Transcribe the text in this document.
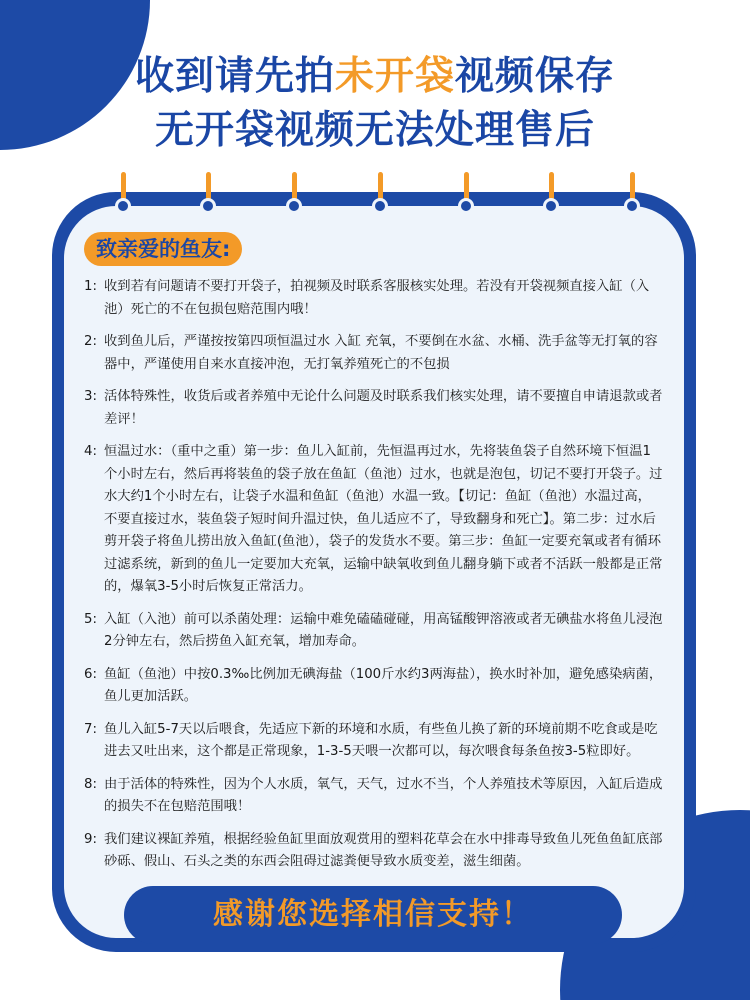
收到请先拍未开袋视频保存
无开袋视频无法处理售后
致亲爱的鱼友:
1: 收到若有问题请不要打开袋子，拍视频及时联系客服核实处理。若没有开袋视频直接入缸（入池）死亡的不在包损包赔范围内哦！
2: 收到鱼儿后，严谨按按第四项恒温过水 入缸 充氧，不要倒在水盆、水桶、洗手盆等无打氧的容器中，严谨使用自来水直接冲泡，无打氧养殖死亡的不包损
3: 活体特殊性，收货后或者养殖中无论什么问题及时联系我们核实处理，请不要擅自申请退款或者差评！
4: 恒温过水：（重中之重）第一步：鱼儿入缸前，先恒温再过水，先将装鱼袋子自然环境下恒温1个小时左右，然后再将装鱼的袋子放在鱼缸（鱼池）过水，也就是泡包，切记不要打开袋子。过水大约1个小时左右，让袋子水温和鱼缸（鱼池）水温一致。【切记：鱼缸（鱼池）水温过高，不要直接过水，装鱼袋子短时间升温过快，鱼儿适应不了，导致翻身和死亡】。第二步：过水后剪开袋子将鱼儿捞出放入鱼缸(鱼池），袋子的发货水不要。第三步：鱼缸一定要充氧或者有循环过滤系统，新到的鱼儿一定要加大充氧，运输中缺氧收到鱼儿翻身躺下或者不活跃一般都是正常的，爆氧3-5小时后恢复正常活力。
5: 入缸（入池）前可以杀菌处理：运输中难免磕磕碰碰，用高锰酸钾溶液或者无碘盐水将鱼儿浸泡2分钟左右，然后捞鱼入缸充氧，增加寿命。
6: 鱼缸（鱼池）中按0.3‰比例加无碘海盐（100斤水约3两海盐），换水时补加，避免感染病菌，鱼儿更加活跃。
7: 鱼儿入缸5-7天以后喂食，先适应下新的环境和水质，有些鱼儿换了新的环境前期不吃食或是吃进去又吐出来，这个都是正常现象，1-3-5天喂一次都可以，每次喂食每条鱼按3-5粒即好。
8: 由于活体的特殊性，因为个人水质，氧气，天气，过水不当，个人养殖技术等原因，入缸后造成的损失不在包赔范围哦！
9: 我们建议裸缸养殖，根据经验鱼缸里面放观赏用的塑料花草会在水中排毒导致鱼儿死鱼鱼缸底部砂砾、假山、石头之类的东西会阻碍过滤粪便导致水质变差，滋生细菌。
感谢您选择相信支持！
